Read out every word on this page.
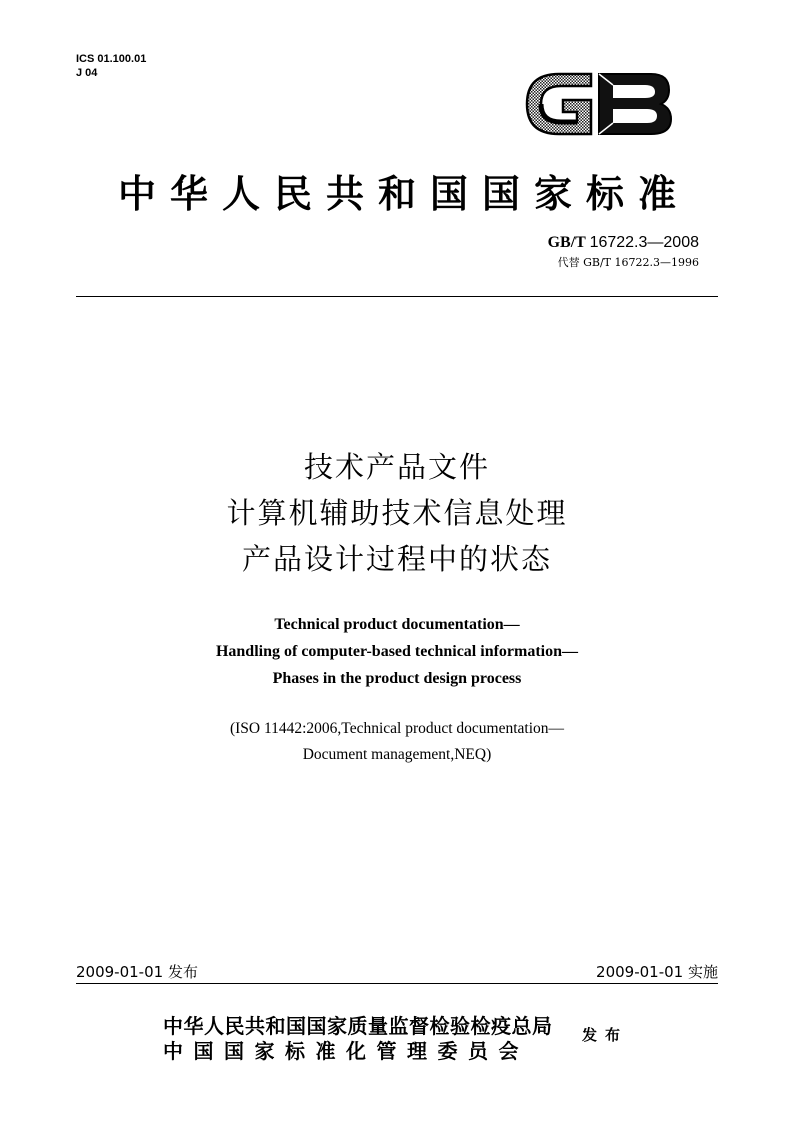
ICS 01.100.01
J 04
中华人民共和国国家标准
GB/T 16722.3—2008
代替 GB/T 16722.3—1996
技术产品文件
计算机辅助技术信息处理
产品设计过程中的状态
Technical product documentation—
Handling of computer-based technical information—
Phases in the product design process
(ISO 11442:2006,Technical product documentation—
Document management,NEQ)
2009-01-01 发布	2009-01-01 实施
中华人民共和国国家质量监督检验检疫总局
中国国家标准化管理委员会
发布
